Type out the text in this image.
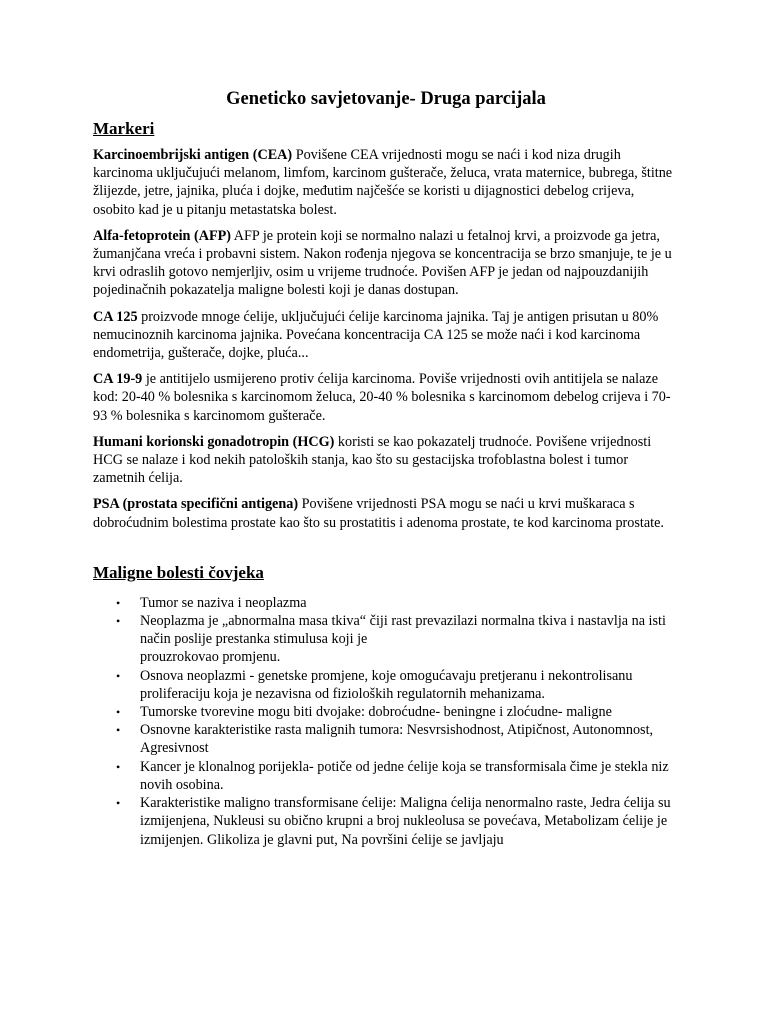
Geneticko savjetovanje- Druga parcijala
Markeri

Karcinoembrijski antigen (CEA) Povišene CEA vrijednosti mogu se naći i kod niza drugih karcinoma uključujući melanom, limfom, karcinom gušterače, želuca, vrata maternice, bubrega, štitne žlijezde, jetre, jajnika, pluća i dojke, međutim najčešće se koristi u dijagnostici debelog crijeva, osobito kad je u pitanju metastatska bolest.

Alfa-fetoprotein (AFP) AFP je protein koji se normalno nalazi u fetalnoj krvi, a proizvode ga jetra, žumanjčana vreća i probavni sistem. Nakon rođenja njegova se koncentracija se brzo smanjuje, te je u krvi odraslih gotovo nemjerljiv, osim u vrijeme trudnoće. Povišen AFP je jedan od najpouzdanijih pojedinačnih pokazatelja maligne bolesti koji je danas dostupan.

CA 125 proizvode mnoge ćelije, uključujući ćelije karcinoma jajnika. Taj je antigen prisutan u 80% nemucinoznih karcinoma jajnika. Povećana koncentracija CA 125 se može naći i kod karcinoma endometrija, gušterače, dojke, pluća...

CA 19-9 je antitijelo usmijereno protiv ćelija karcinoma. Povišе vrijednosti ovih antitijela se nalaze kod: 20-40 % bolesnika s karcinomom želuca, 20-40 % bolesnika s karcinomom debelog crijeva i 70-93 % bolesnika s karcinomom gušterače.

Humani korionski gonadotropin (HCG) koristi se kao pokazatelj trudnoće. Povišene vrijednosti HCG se nalaze i kod nekih patoloških stanja, kao što su gestacijska trofoblastna bolest i tumor zametnih ćelija.

PSA (prostata specifični antigena) Povišene vrijednosti PSA mogu se naći u krvi muškaraca s dobroćudnim bolestima prostate kao što su prostatitis i adenoma prostate, te kod karcinoma prostate.

Maligne bolesti čovjeka
• Tumor se naziva i neoplazma
• Neoplazma je „abnormalna masa tkiva“ čiji rast prevazilazi normalna tkiva i nastavlja na isti način poslije prestanka stimulusa koji je
prouzrokovao promjenu.
• Osnova neoplazmi - genetske promjene, koje omogućavaju pretjeranu i nekontrolisanu proliferaciju koja je nezavisna od fizioloških regulatornih mehanizama.
• Tumorske tvorevine mogu biti dvojake: dobroćudne- beningne i zloćudne- maligne
• Osnovne karakteristike rasta malignih tumora: Nesvrsishodnost, Atipičnost, Autonomnost, Agresivnost
• Kancer je klonalnog porijekla- potiče od jedne ćelije koja se transformisala čime je stekla niz novih osobina.
• Karakteristike maligno transformisane ćelije: Maligna ćelija nenormalno raste, Jedra ćelija su izmijenjena, Nukleusi su obično krupni a broj nukleolusa se povećava, Metabolizam ćelije je izmijenjen. Glikoliza je glavni put, Na površini ćelije se javljaju
